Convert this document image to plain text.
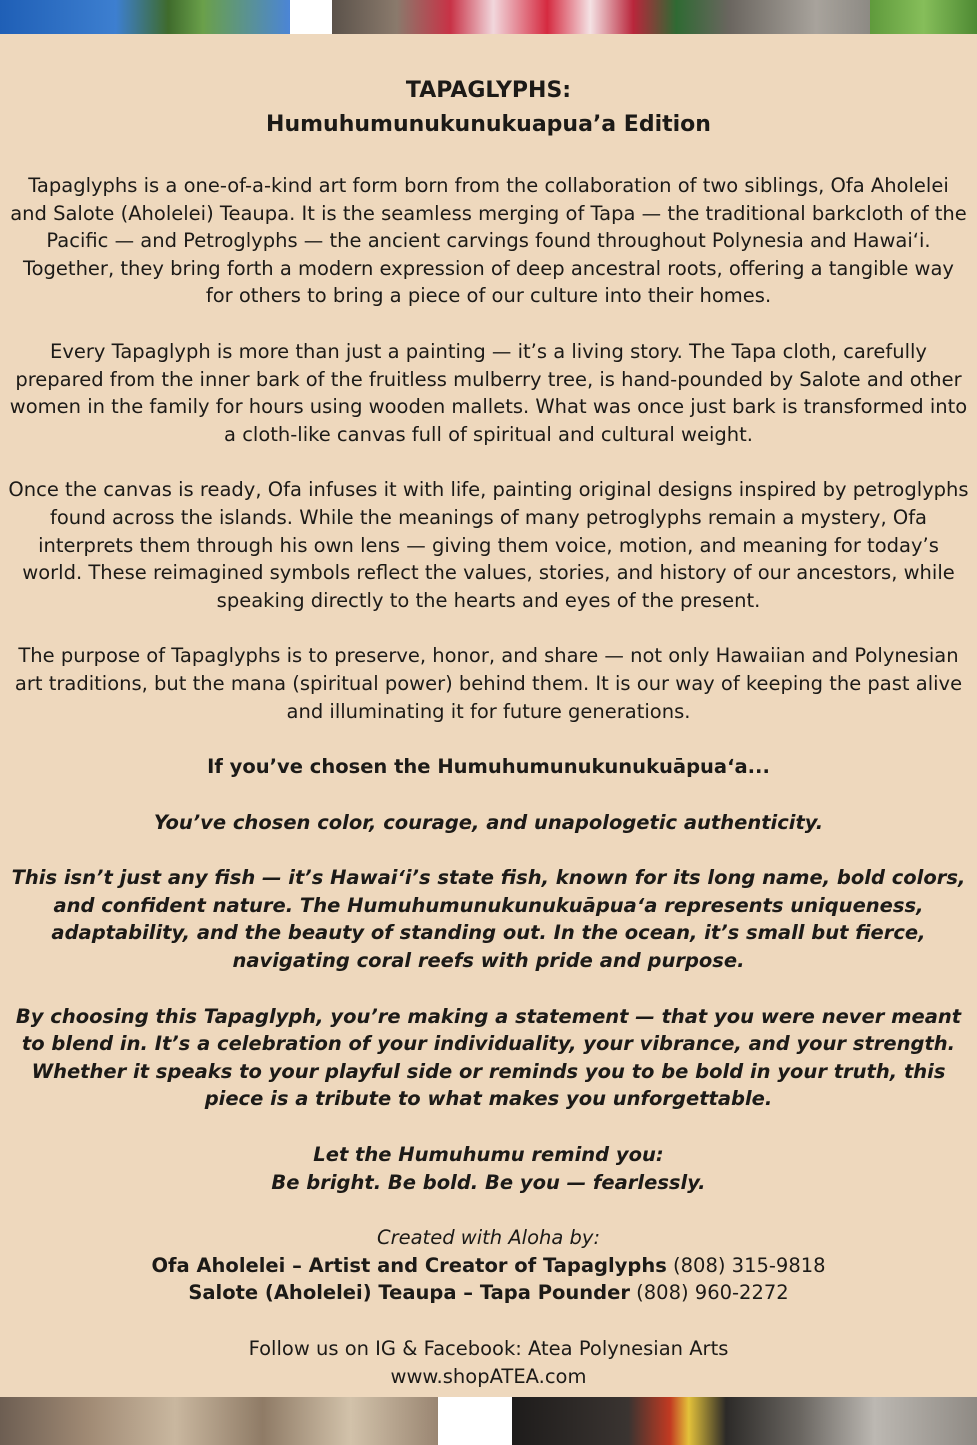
TAPAGLYPHS:
Humuhumunukunukuapua’a Edition

Tapaglyphs is a one-of-a-kind art form born from the collaboration of two siblings, Ofa Aholelei and Salote (Aholelei) Teaupa. It is the seamless merging of Tapa — the traditional barkcloth of the Pacific — and Petroglyphs — the ancient carvings found throughout Polynesia and Hawaiʻi. Together, they bring forth a modern expression of deep ancestral roots, offering a tangible way for others to bring a piece of our culture into their homes.

Every Tapaglyph is more than just a painting — it’s a living story. The Tapa cloth, carefully prepared from the inner bark of the fruitless mulberry tree, is hand-pounded by Salote and other women in the family for hours using wooden mallets. What was once just bark is transformed into a cloth-like canvas full of spiritual and cultural weight.

Once the canvas is ready, Ofa infuses it with life, painting original designs inspired by petroglyphs found across the islands. While the meanings of many petroglyphs remain a mystery, Ofa interprets them through his own lens — giving them voice, motion, and meaning for today’s world. These reimagined symbols reflect the values, stories, and history of our ancestors, while speaking directly to the hearts and eyes of the present.

The purpose of Tapaglyphs is to preserve, honor, and share — not only Hawaiian and Polynesian art traditions, but the mana (spiritual power) behind them. It is our way of keeping the past alive and illuminating it for future generations.

If you’ve chosen the Humuhumunukunukuāpuaʻa...

You’ve chosen color, courage, and unapologetic authenticity.

This isn’t just any fish — it’s Hawaiʻi’s state fish, known for its long name, bold colors, and confident nature. The Humuhumunukunukuāpuaʻa represents uniqueness, adaptability, and the beauty of standing out. In the ocean, it’s small but fierce, navigating coral reefs with pride and purpose.

By choosing this Tapaglyph, you’re making a statement — that you were never meant to blend in. It’s a celebration of your individuality, your vibrance, and your strength. Whether it speaks to your playful side or reminds you to be bold in your truth, this piece is a tribute to what makes you unforgettable.

Let the Humuhumu remind you:
Be bright. Be bold. Be you — fearlessly.

Created with Aloha by:
Ofa Aholelei – Artist and Creator of Tapaglyphs (808) 315-9818
Salote (Aholelei) Teaupa – Tapa Pounder (808) 960-2272

Follow us on IG & Facebook: Atea Polynesian Arts
www.shopATEA.com
